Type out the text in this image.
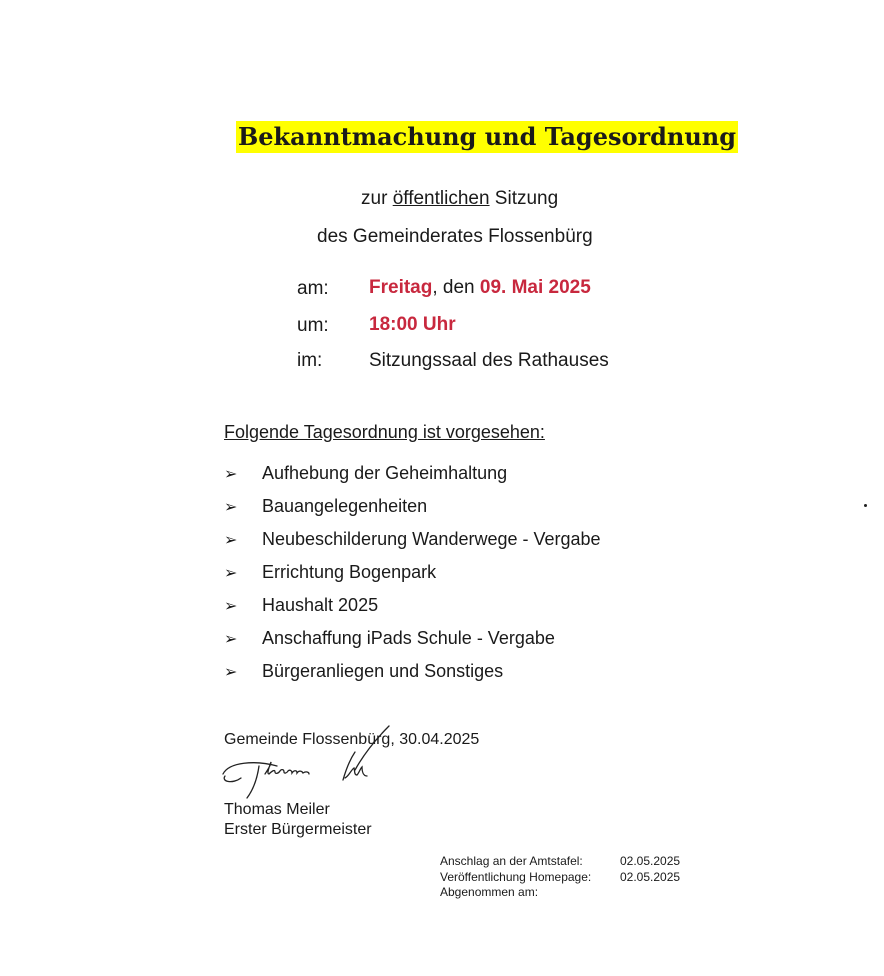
Bekanntmachung und Tagesordnung
zur öffentlichen Sitzung
des Gemeinderates Flossenbürg
am: Freitag, den 09. Mai 2025
um: 18:00 Uhr
im: Sitzungssaal des Rathauses
Folgende Tagesordnung ist vorgesehen:
➢ Aufhebung der Geheimhaltung
➢ Bauangelegenheiten
➢ Neubeschilderung Wanderwege - Vergabe
➢ Errichtung Bogenpark
➢ Haushalt 2025
➢ Anschaffung iPads Schule - Vergabe
➢ Bürgeranliegen und Sonstiges
Gemeinde Flossenbürg, 30.04.2025
Thomas Meiler
Erster Bürgermeister
Anschlag an der Amtstafel:	02.05.2025
Veröffentlichung Homepage: 02.05.2025
Abgenommen am:
